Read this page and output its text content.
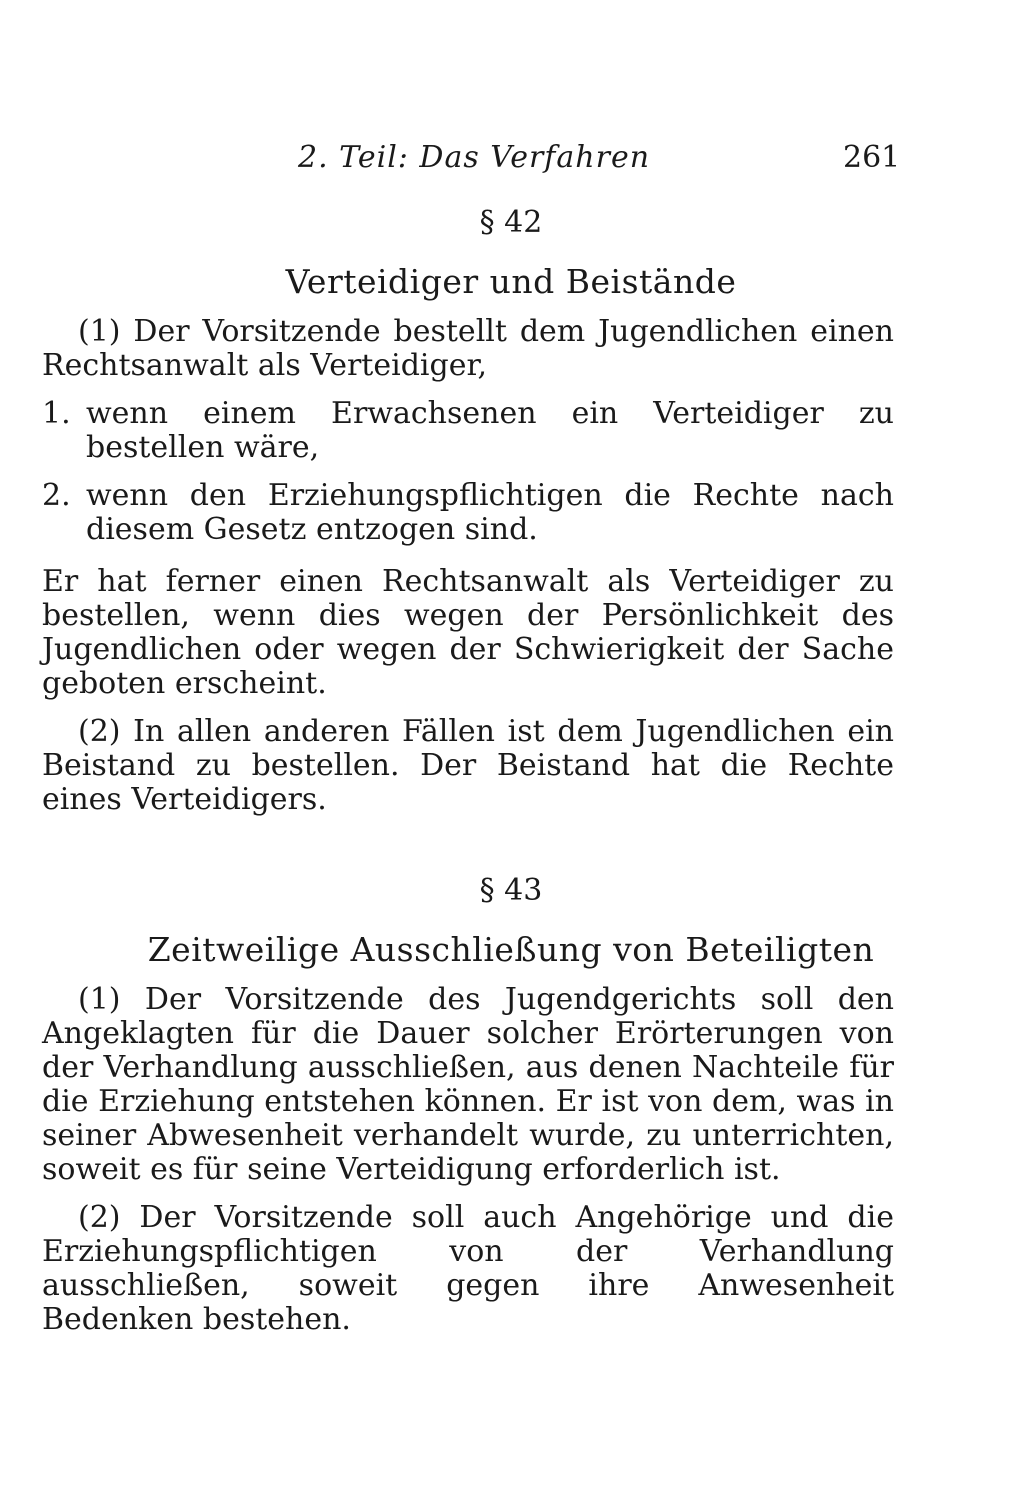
2. Teil: Das Verfahren	261

§ 42

Verteidiger und Beistände

(1) Der Vorsitzende bestellt dem Jugendlichen einen Rechtsanwalt als Verteidiger,

1. wenn einem Erwachsenen ein Verteidiger zu bestellen wäre,
2. wenn den Erziehungspflichtigen die Rechte nach diesem Gesetz entzogen sind.

Er hat ferner einen Rechtsanwalt als Verteidiger zu bestellen, wenn dies wegen der Persönlichkeit des Jugendlichen oder wegen der Schwierigkeit der Sache geboten erscheint.

(2) In allen anderen Fällen ist dem Jugendlichen ein Beistand zu bestellen. Der Beistand hat die Rechte eines Verteidigers.

§ 43

Zeitweilige Ausschließung von Beteiligten

(1) Der Vorsitzende des Jugendgerichts soll den Angeklagten für die Dauer solcher Erörterungen von der Verhandlung ausschließen, aus denen Nachteile für die Erziehung entstehen können. Er ist von dem, was in seiner Abwesenheit verhandelt wurde, zu unterrichten, soweit es für seine Verteidigung erforderlich ist.

(2) Der Vorsitzende soll auch Angehörige und die Erziehungspflichtigen von der Verhandlung ausschließen, soweit gegen ihre Anwesenheit Bedenken bestehen.
